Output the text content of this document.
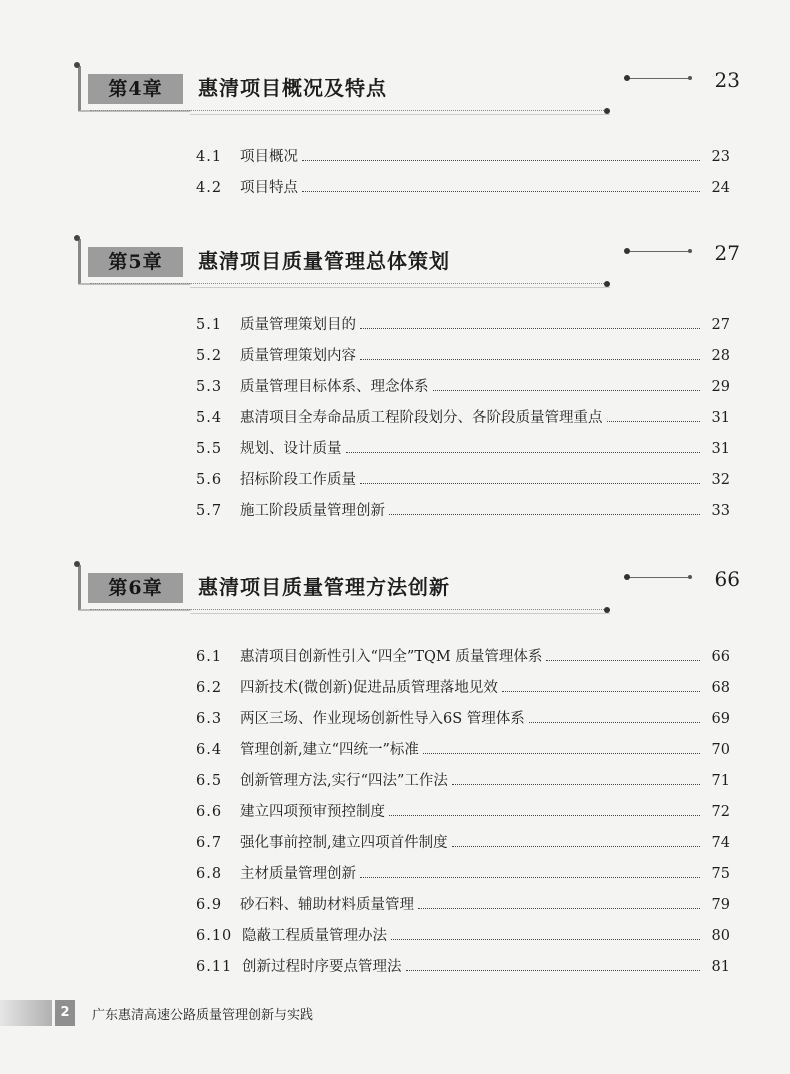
第4章	惠清项目概况及特点	23
4.1	项目概况	23
4.2	项目特点	24
第5章	惠清项目质量管理总体策划	27
5.1	质量管理策划目的	27
5.2	质量管理策划内容	28
5.3	质量管理目标体系、理念体系	29
5.4	惠清项目全寿命品质工程阶段划分、各阶段质量管理重点	31
5.5	规划、设计质量	31
5.6	招标阶段工作质量	32
5.7	施工阶段质量管理创新	33
第6章	惠清项目质量管理方法创新	66
6.1	惠清项目创新性引入“四全”TQM 质量管理体系	66
6.2	四新技术(微创新)促进品质管理落地见效	68
6.3	两区三场、作业现场创新性导入6S 管理体系	69
6.4	管理创新,建立“四统一”标准	70
6.5	创新管理方法,实行“四法”工作法	71
6.6	建立四项预审预控制度	72
6.7	强化事前控制,建立四项首件制度	74
6.8	主材质量管理创新	75
6.9	砂石料、辅助材料质量管理	79
6.10 隐蔽工程质量管理办法	80
6.11 创新过程时序要点管理法	81
2	广东惠清高速公路质量管理创新与实践
